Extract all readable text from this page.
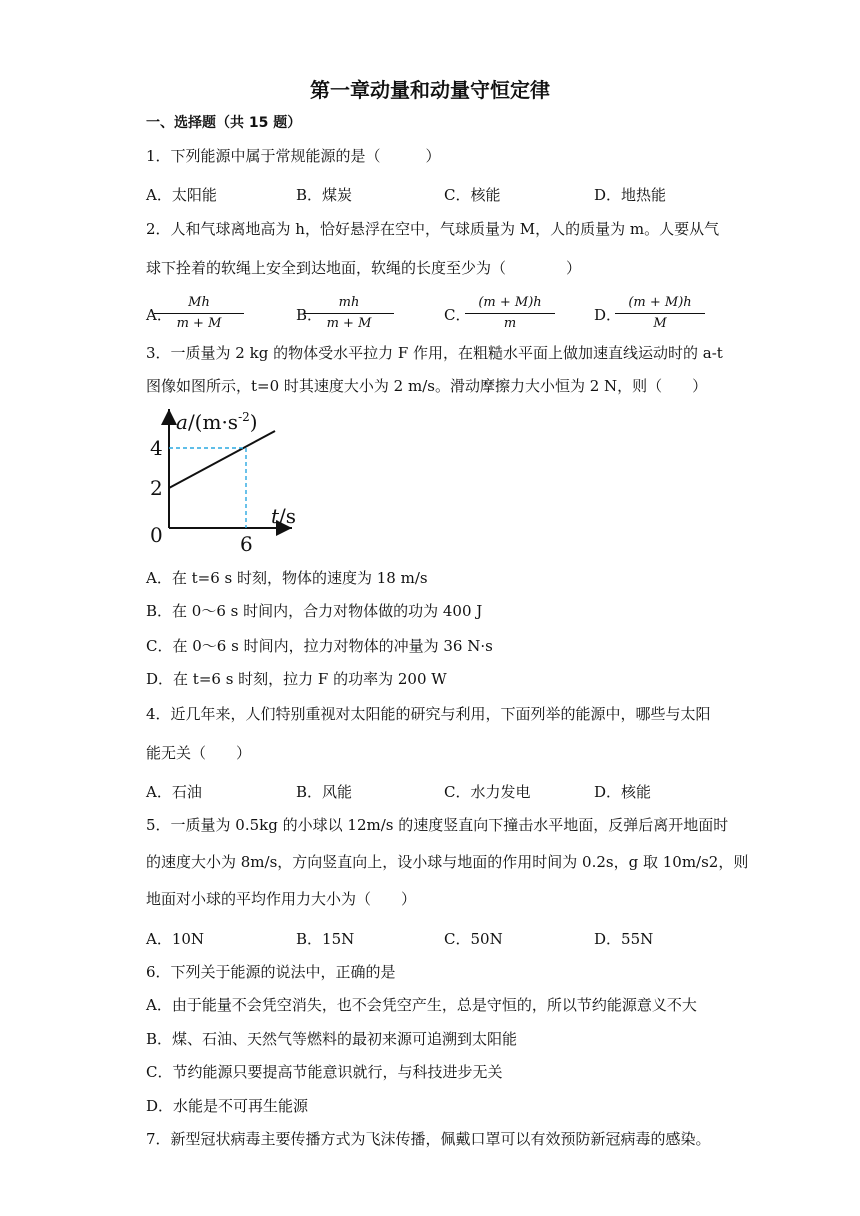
第一章动量和动量守恒定律
一、选择题（共 15 题）
1．下列能源中属于常规能源的是（　　　）
A．太阳能	B．煤炭	C．核能	D．地热能
2．人和气球离地高为 h，恰好悬浮在空中，气球质量为 M，人的质量为 m。人要从气
球下拴着的软绳上安全到达地面，软绳的长度至少为（　　　　）
A．
$\frac{Mh}{m + M}$	B．
$\frac{mh}{m + M}$	C．
$\frac{(m + M)h}{m}$	D．
$\frac{(m + M)h}{M}$
3．一质量为 2 kg 的物体受水平拉力 F 作用，在粗糙水平面上做加速直线运动时的 a-t
图像如图所示，t=0 时其速度大小为 2 m/s。滑动摩擦力大小恒为 2 N，则（　　）
$a/(m\cdot s^{-2})$
t/s
0
4
2
6
A．在 t=6 s 时刻，物体的速度为 18 m/s
B．在 0～6 s 时间内，合力对物体做的功为 400 J
C．在 0～6 s 时间内，拉力对物体的冲量为 36 N·s
D．在 t=6 s 时刻，拉力 F 的功率为 200 W
4．近几年来，人们特别重视对太阳能的研究与利用，下面列举的能源中，哪些与太阳
能无关（　　）
A．石油	B．风能	C．水力发电	D．核能
5．一质量为 0.5kg 的小球以 12m/s 的速度竖直向下撞击水平地面，反弹后离开地面时
的速度大小为 8m/s，方向竖直向上，设小球与地面的作用时间为 0.2s，g 取 10m/s2，则
地面对小球的平均作用力大小为（　　）
A．10N	B．15N	C．50N	D．55N
6．下列关于能源的说法中，正确的是
A．由于能量不会凭空消失，也不会凭空产生，总是守恒的，所以节约能源意义不大
B．煤、石油、天然气等燃料的最初来源可追溯到太阳能
C．节约能源只要提高节能意识就行，与科技进步无关
D．水能是不可再生能源
7．新型冠状病毒主要传播方式为飞沫传播，佩戴口罩可以有效预防新冠病毒的感染。
